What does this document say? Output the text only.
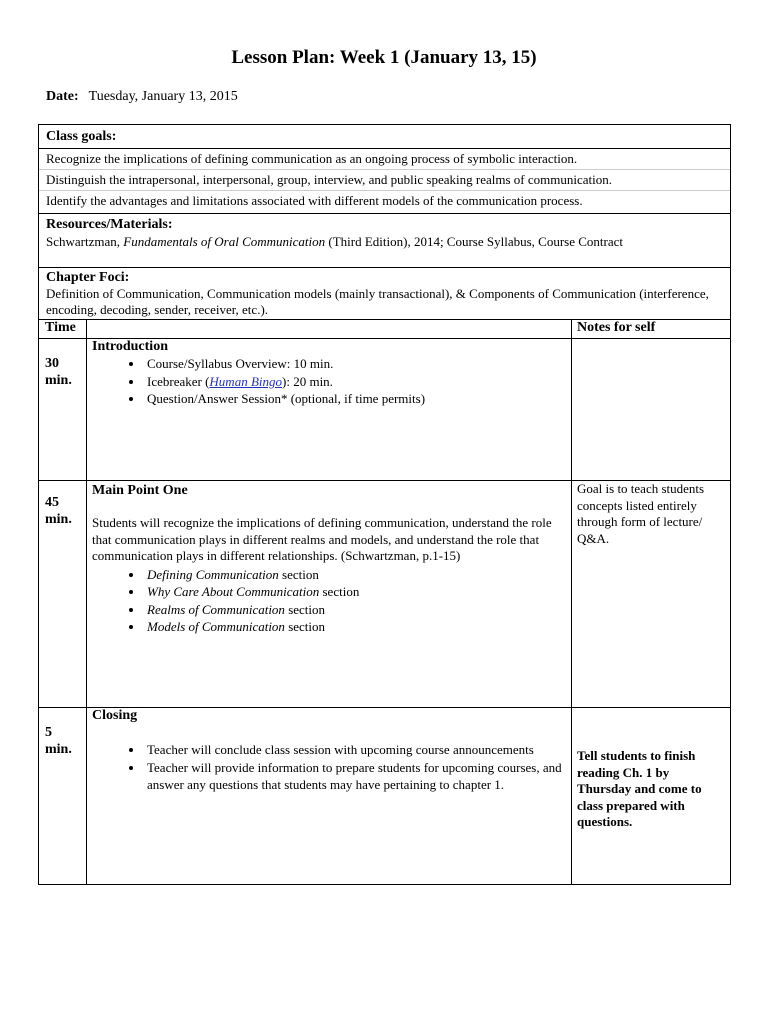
Lesson Plan: Week 1 (January 13, 15)
Date: Tuesday, January 13, 2015
Class goals:
Recognize the implications of defining communication as an ongoing process of symbolic interaction.
Distinguish the intrapersonal, interpersonal, group, interview, and public speaking realms of communication.
Identify the advantages and limitations associated with different models of the communication process.
Resources/Materials:
Schwartzman, Fundamentals of Oral Communication (Third Edition), 2014; Course Syllabus, Course Contract
Chapter Foci:
Definition of Communication, Communication models (mainly transactional), & Components of Communication (interference, encoding, decoding, sender, receiver, etc.).
Time	Notes for self
30 min.
Introduction
• Course/Syllabus Overview: 10 min.
• Icebreaker (Human Bingo): 20 min.
• Question/Answer Session* (optional, if time permits)
45 min.
Main Point One
Students will recognize the implications of defining communication, understand the role that communication plays in different realms and models, and understand the role that communication plays in different relationships. (Schwartzman, p.1-15)
• Defining Communication section
• Why Care About Communication section
• Realms of Communication section
• Models of Communication section
Goal is to teach students concepts listed entirely through form of lecture/ Q&A.
5 min.
Closing
• Teacher will conclude class session with upcoming course announcements
• Teacher will provide information to prepare students for upcoming courses, and answer any questions that students may have pertaining to chapter 1.
Tell students to finish reading Ch. 1 by Thursday and come to class prepared with questions.
